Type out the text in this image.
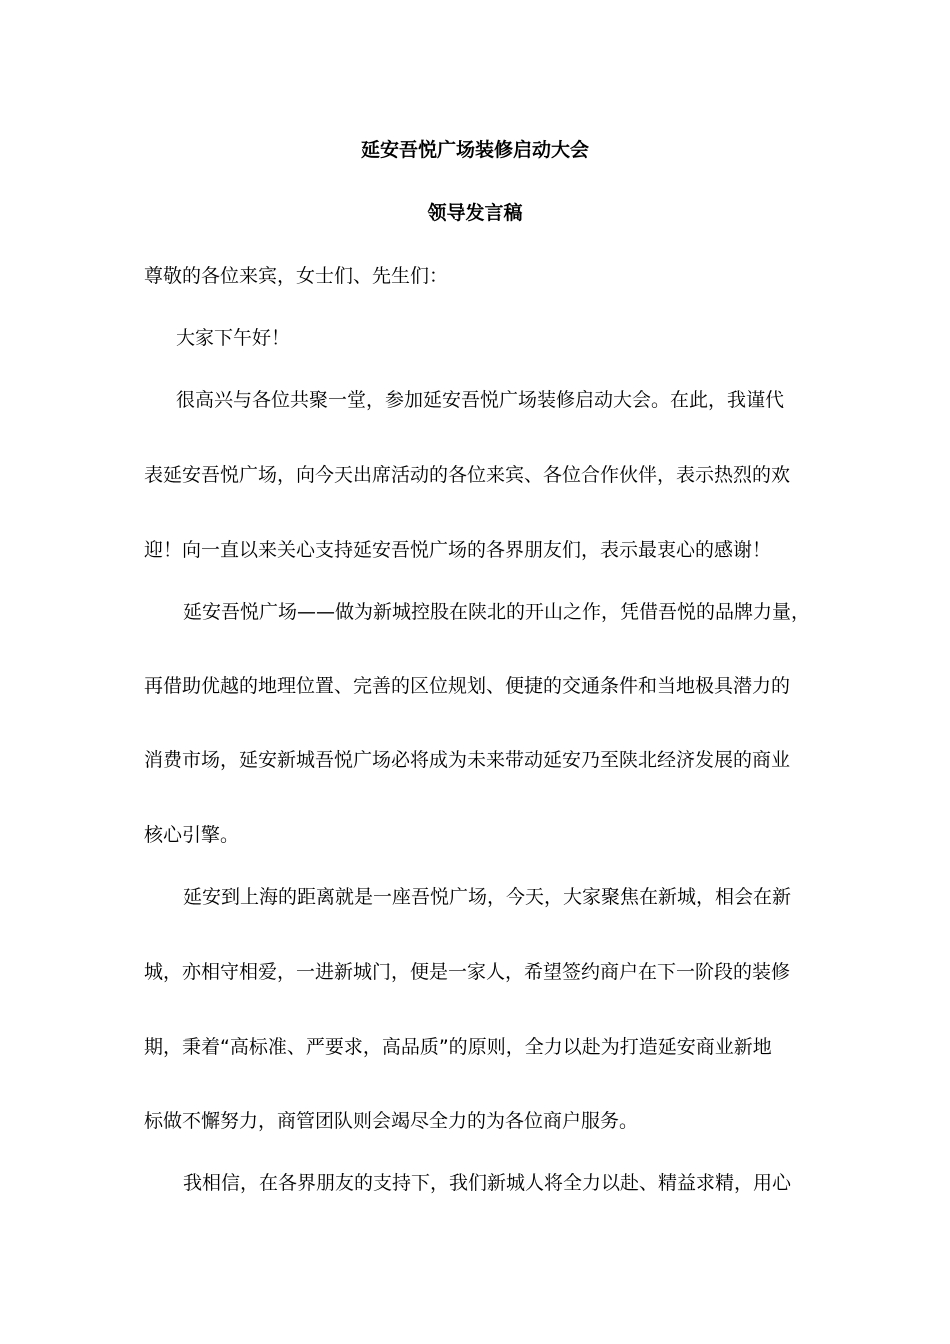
延安吾悦广场装修启动大会
领导发言稿

尊敬的各位来宾，女士们、先生们：

大家下午好！

很高兴与各位共聚一堂，参加延安吾悦广场装修启动大会。在此，我谨代

表延安吾悦广场，向今天出席活动的各位来宾、各位合作伙伴，表示热烈的欢

迎！向一直以来关心支持延安吾悦广场的各界朋友们，表示最衷心的感谢！

延安吾悦广场——做为新城控股在陕北的开山之作，凭借吾悦的品牌力量，

再借助优越的地理位置、完善的区位规划、便捷的交通条件和当地极具潜力的

消费市场，延安新城吾悦广场必将成为未来带动延安乃至陕北经济发展的商业

核心引擎。

延安到上海的距离就是一座吾悦广场，今天，大家聚焦在新城，相会在新

城，亦相守相爱，一进新城门，便是一家人，希望签约商户在下一阶段的装修

期，秉着“高标准、严要求，高品质”的原则，全力以赴为打造延安商业新地

标做不懈努力，商管团队则会竭尽全力的为各位商户服务。

我相信，在各界朋友的支持下，我们新城人将全力以赴、精益求精，用心
